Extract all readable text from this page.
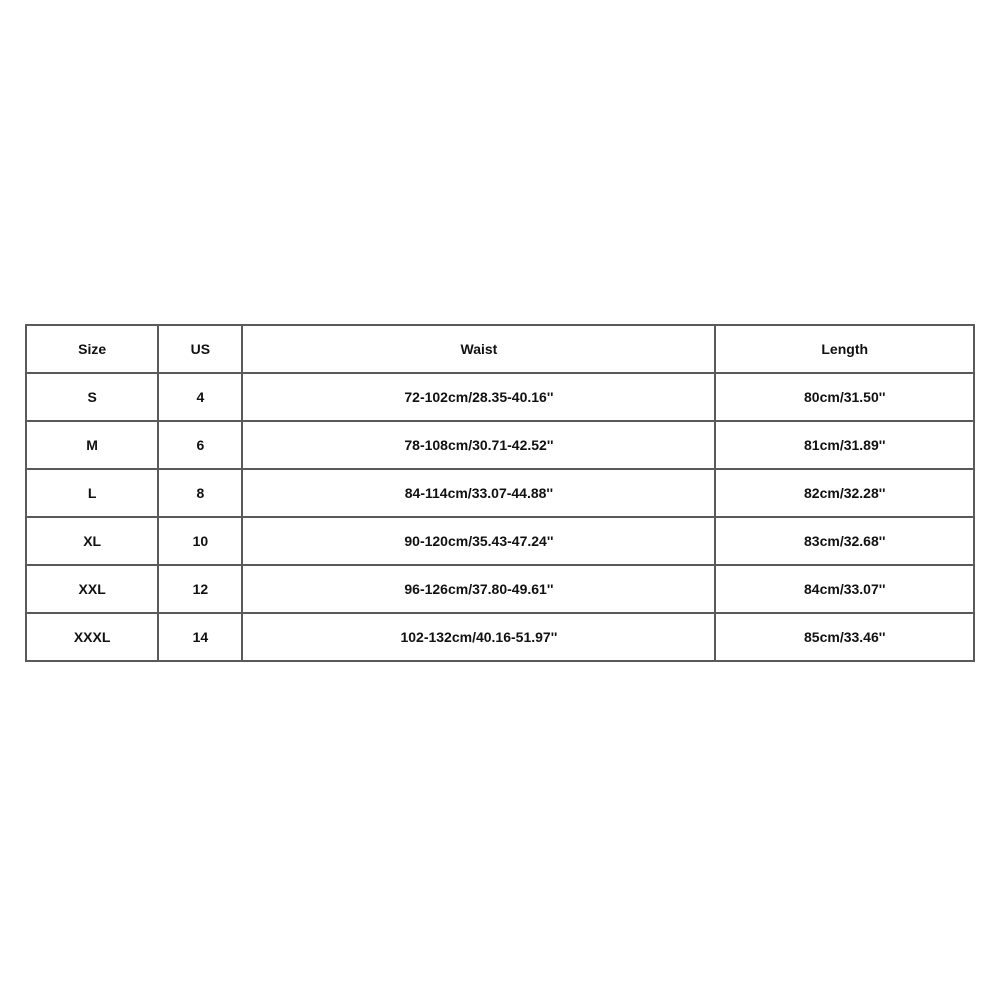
Size	US	Waist	Length
S	4	72-102cm/28.35-40.16''	80cm/31.50''
M	6	78-108cm/30.71-42.52''	81cm/31.89''
L	8	84-114cm/33.07-44.88''	82cm/32.28''
XL	10	90-120cm/35.43-47.24''	83cm/32.68''
XXL	12	96-126cm/37.80-49.61''	84cm/33.07''
XXXL	14	102-132cm/40.16-51.97''	85cm/33.46''
